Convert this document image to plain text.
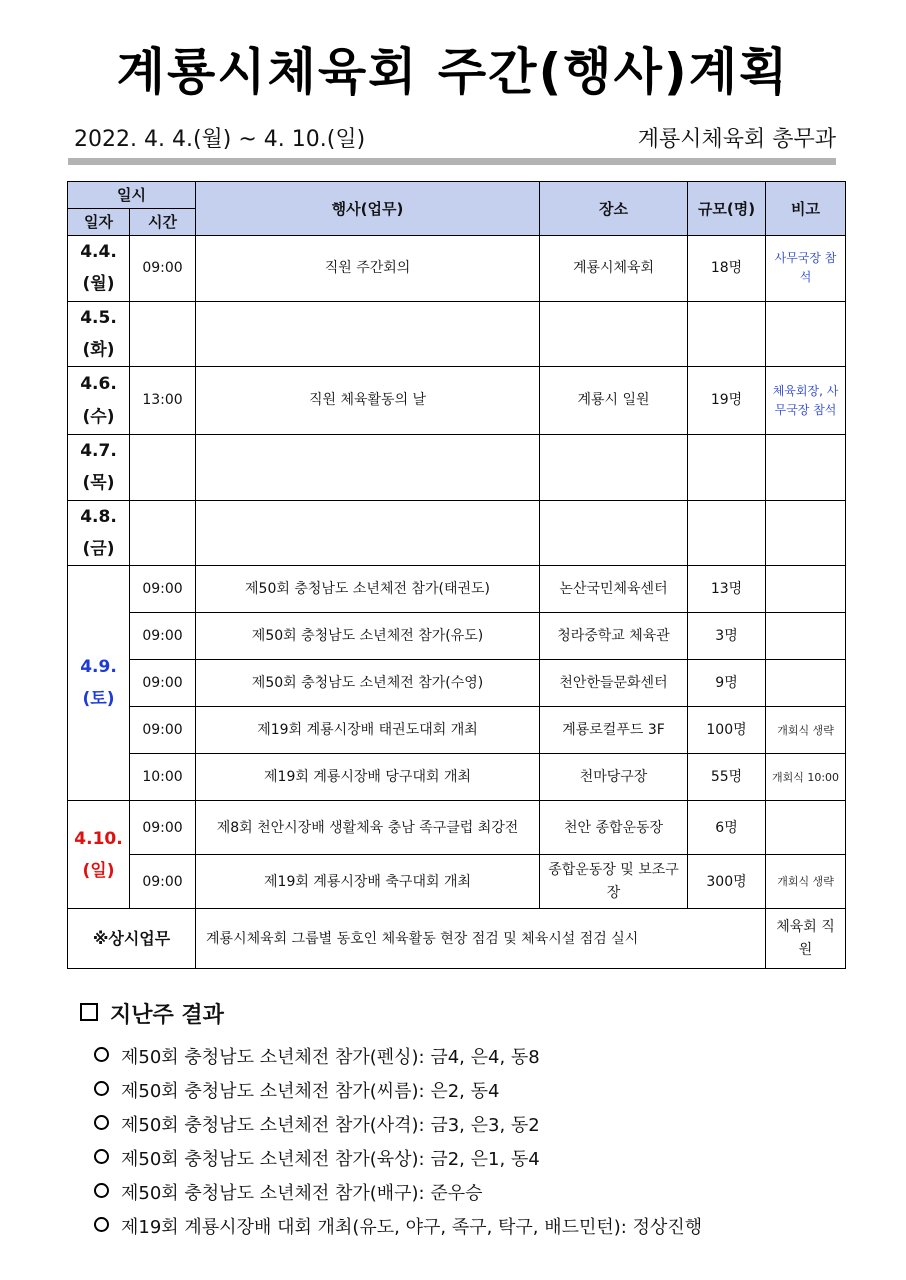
계룡시체육회 주간(행사)계획
2022. 4. 4.(월) ~ 4. 10.(일)	계룡시체육회 총무과
일시		행사(업무)	장소	규모(명)	비고
일자	시간				

4.4.
(월)	09:00	직원 주간회의	계룡시체육회	18명	사무국장 참석

4.5.
(화)					

4.6.
(수)	13:00	직원 체육활동의 날	계룡시 일원	19명	체육회장, 사무국장 참석

4.7.
(목)					

4.8.
(금)					

4.9.
(토)	09:00	제50회 충청남도 소년체전 참가(태권도)	논산국민체육센터	13명	
	09:00	제50회 충청남도 소년체전 참가(유도)	청라중학교 체육관	3명	
	09:00	제50회 충청남도 소년체전 참가(수영)	천안한들문화센터	9명	
	09:00	제19회 계룡시장배 태권도대회 개최	계룡로컬푸드 3F	100명	개회식 생략
	10:00	제19회 계룡시장배 당구대회 개최	천마당구장	55명	개회식 10:00

4.10.
(일)	09:00	제8회 천안시장배 생활체육 충남 족구클럽 최강전	천안 종합운동장	6명	
	09:00	제19회 계룡시장배 축구대회 개최	종합운동장 및 보조구장	300명	개회식 생략
※상시업무		계룡시체육회 그룹별 동호인 체육활동 현장 점검 및 체육시설 점검 실시			체육회 직원
지난주 결과
제50회 충청남도 소년체전 참가(펜싱): 금4, 은4, 동8
제50회 충청남도 소년체전 참가(씨름): 은2, 동4
제50회 충청남도 소년체전 참가(사격): 금3, 은3, 동2
제50회 충청남도 소년체전 참가(육상): 금2, 은1, 동4
제50회 충청남도 소년체전 참가(배구): 준우승
제19회 계룡시장배 대회 개최(유도, 야구, 족구, 탁구, 배드민턴): 정상진행
